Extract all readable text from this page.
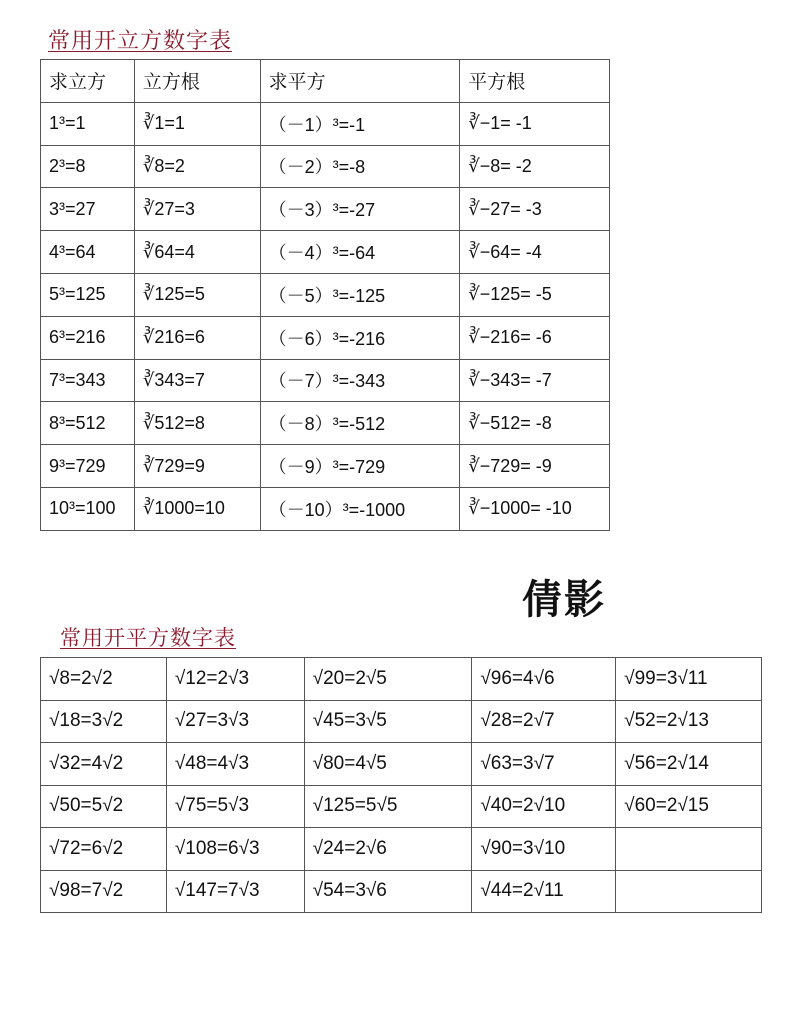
常用开立方数字表
求立方	立方根	求平方	平方根
1³=1	∛1=1	（－1）³=-1	∛−1= -1
2³=8	∛8=2	（－2）³=-8	∛−8= -2
3³=27	∛27=3	（－3）³=-27	∛−27= -3
4³=64	∛64=4	（－4）³=-64	∛−64= -4
5³=125	∛125=5	（－5）³=-125	∛−125= -5
6³=216	∛216=6	（－6）³=-216	∛−216= -6
7³=343	∛343=7	（－7）³=-343	∛−343= -7
8³=512	∛512=8	（－8）³=-512	∛−512= -8
9³=729	∛729=9	（－9）³=-729	∛−729= -9
10³=100	∛1000=10	（－10）³=-1000	∛−1000= -10
倩影
常用开平方数字表
√8=2√2	√12=2√3	√20=2√5	√96=4√6	√99=3√11
√18=3√2	√27=3√3	√45=3√5	√28=2√7	√52=2√13
√32=4√2	√48=4√3	√80=4√5	√63=3√7	√56=2√14
√50=5√2	√75=5√3	√125=5√5	√40=2√10	√60=2√15
√72=6√2	√108=6√3	√24=2√6	√90=3√10	
√98=7√2	√147=7√3	√54=3√6	√44=2√11	
